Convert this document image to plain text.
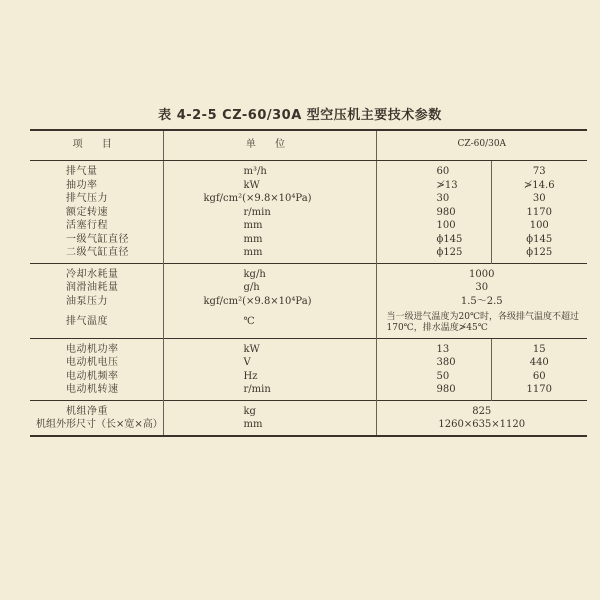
表 4-2-5 CZ-60/30A 型空压机主要技术参数
项 目	单 位	CZ-60/30A	
排气量	m³/h	60	73
抽功率	kW	≯13	≯14.6
排气压力	kgf/cm²(×9.8×10⁴Pa)	30	30
额定转速	r/min	980	1170
活塞行程	mm	100	100
一级气缸直径	mm	ϕ145	ϕ145
二级气缸直径	mm	ϕ125	ϕ125
冷却水耗量	kg/h	1000	
润滑油耗量	g/h	30	
油泵压力	kgf/cm²(×9.8×10⁴Pa)	1.5～2.5	
排气温度	℃	当一级进气温度为20℃时，各级排气温度不超过170℃，排水温度≯45℃	
电动机功率	kW	13	15
电动机电压	V	380	440
电动机频率	Hz	50	60
电动机转速	r/min	980	1170
机组净重	kg	825	
机组外形尺寸（长×宽×高）	mm	1260×635×1120	
